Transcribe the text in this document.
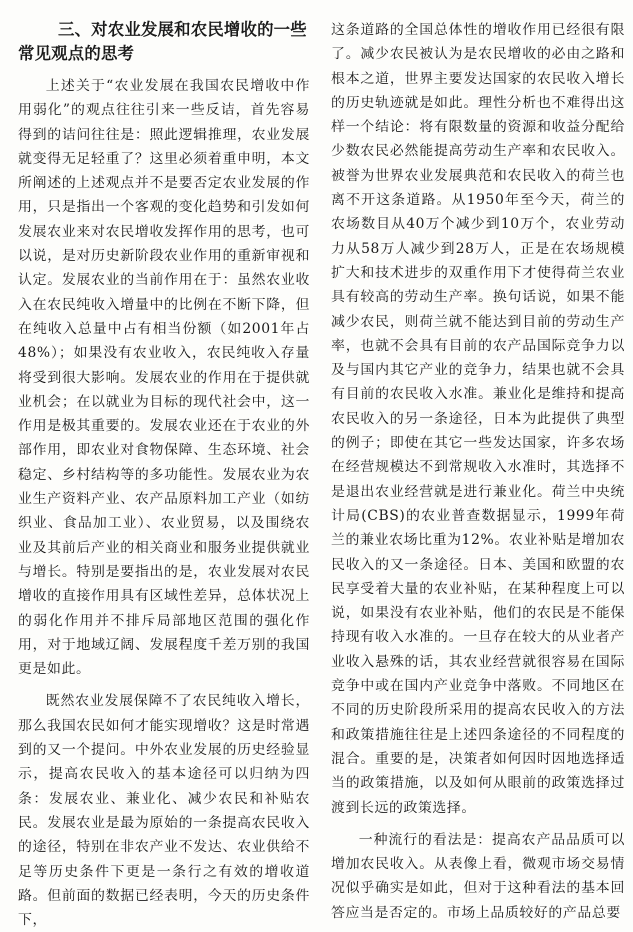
三、对农业发展和农民增收的一些
常见观点的思考

上述关于“农业发展在我国农民增收中作用弱化”的观点往往引来一些反诘，首先容易得到的诘问往往是：照此逻辑推理，农业发展就变得无足轻重了？这里必须着重申明，本文所阐述的上述观点并不是要否定农业发展的作用，只是指出一个客观的变化趋势和引发如何发展农业来对农民增收发挥作用的思考，也可以说，是对历史新阶段农业作用的重新审视和认定。发展农业的当前作用在于：虽然农业收入在农民纯收入增量中的比例在不断下降，但在纯收入总量中占有相当份额（如2001年占48%）；如果没有农业收入，农民纯收入存量将受到很大影响。发展农业的作用在于提供就业机会；在以就业为目标的现代社会中，这一作用是极其重要的。发展农业还在于农业的外部作用，即农业对食物保障、生态环境、社会稳定、乡村结构等的多功能性。发展农业为农业生产资料产业、农产品原料加工产业（如纺织业、食品加工业）、农业贸易，以及围绕农业及其前后产业的相关商业和服务业提供就业与增长。特别是要指出的是，农业发展对农民增收的直接作用具有区域性差异，总体状况上的弱化作用并不排斥局部地区范围的强化作用，对于地域辽阔、发展程度千差万别的我国更是如此。

既然农业发展保障不了农民纯收入增长，那么我国农民如何才能实现增收？这是时常遇到的又一个提问。中外农业发展的历史经验显示，提高农民收入的基本途径可以归纳为四条：发展农业、兼业化、减少农民和补贴农民。发展农业是最为原始的一条提高农民收入的途径，特别在非农产业不发达、农业供给不足等历史条件下更是一条行之有效的增收道路。但前面的数据已经表明，今天的历史条件下，

这条道路的全国总体性的增收作用已经很有限了。减少农民被认为是农民增收的必由之路和根本之道，世界主要发达国家的农民收入增长的历史轨迹就是如此。理性分析也不难得出这样一个结论：将有限数量的资源和收益分配给少数农民必然能提高劳动生产率和农民收入。被誉为世界农业发展典范和农民收入的荷兰也离不开这条道路。从1950年至今天，荷兰的农场数目从40万个减少到10万个，农业劳动力从58万人减少到28万人，正是在农场规模扩大和技术进步的双重作用下才使得荷兰农业具有较高的劳动生产率。换句话说，如果不能减少农民，则荷兰就不能达到目前的劳动生产率，也就不会具有目前的农产品国际竞争力以及与国内其它产业的竞争力，结果也就不会具有目前的农民收入水准。兼业化是维持和提高农民收入的另一条途径，日本为此提供了典型的例子；即使在其它一些发达国家，许多农场在经营规模达不到常规收入水准时，其选择不是退出农业经营就是进行兼业化。荷兰中央统计局(CBS)的农业普查数据显示，1999年荷兰的兼业农场比重为12%。农业补贴是增加农民收入的又一条途径。日本、美国和欧盟的农民享受着大量的农业补贴，在某种程度上可以说，如果没有农业补贴，他们的农民是不能保持现有收入水准的。一旦存在较大的从业者产业收入悬殊的话，其农业经营就很容易在国际竞争中或在国内产业竞争中落败。不同地区在不同的历史阶段所采用的提高农民收入的方法和政策措施往往是上述四条途径的不同程度的混合。重要的是，决策者如何因时因地选择适当的政策措施，以及如何从眼前的政策选择过渡到长远的政策选择。

一种流行的看法是：提高农产品品质可以增加农民收入。从表像上看，微观市场交易情况似乎确实是如此，但对于这种看法的基本回答应当是否定的。市场上品质较好的产品总要
